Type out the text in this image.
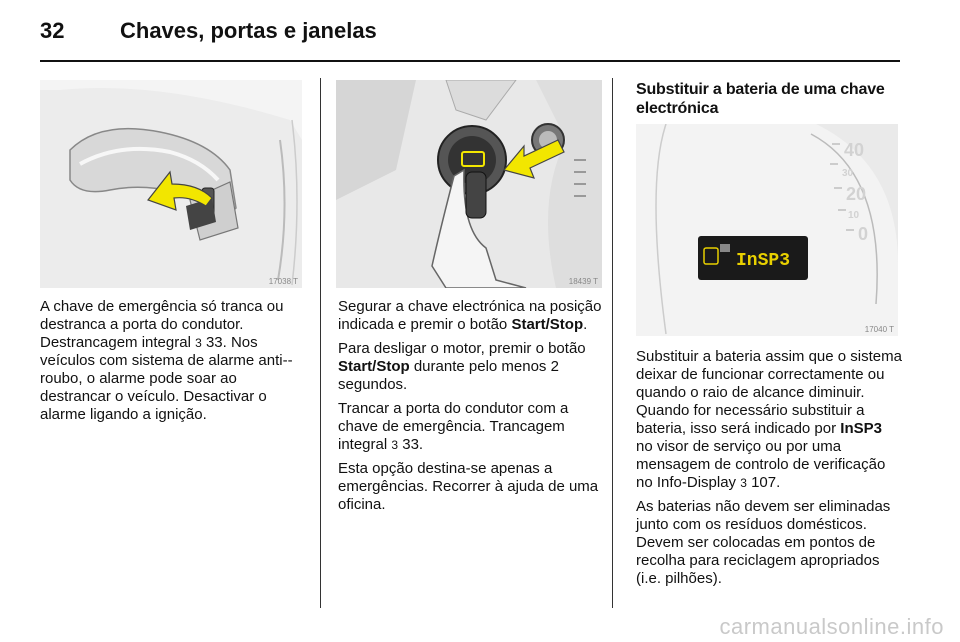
32	Chaves, portas e janelas
17038 T	18439 T
40
30
20
10
0
InSP3
17040 T

A chave de emergência só tranca ou destranca a porta do condutor. Destrancagem integral 3 33. Nos veículos com sistema de alarme anti--roubo, o alarme pode soar ao destrancar o veículo. Desactivar o alarme ligando a ignição.

Segurar a chave electrónica na posição indicada e premir o botão Start/Stop.

Para desligar o motor, premir o botão Start/Stop durante pelo menos 2 segundos.

Trancar a porta do condutor com a chave de emergência. Trancagem integral 3 33.

Esta opção destina-se apenas a emergências. Recorrer à ajuda de uma oficina.

Substituir a bateria de uma chave electrónica

Substituir a bateria assim que o sistema deixar de funcionar correctamente ou quando o raio de alcance diminuir. Quando for necessário substituir a bateria, isso será indicado por InSP3 no visor de serviço ou por uma mensagem de controlo de verificação no Info-Display 3 107.

As baterias não devem ser eliminadas junto com os resíduos domésticos. Devem ser colocadas em pontos de recolha para reciclagem apropriados (i.e. pilhões).

carmanualsonline.info
